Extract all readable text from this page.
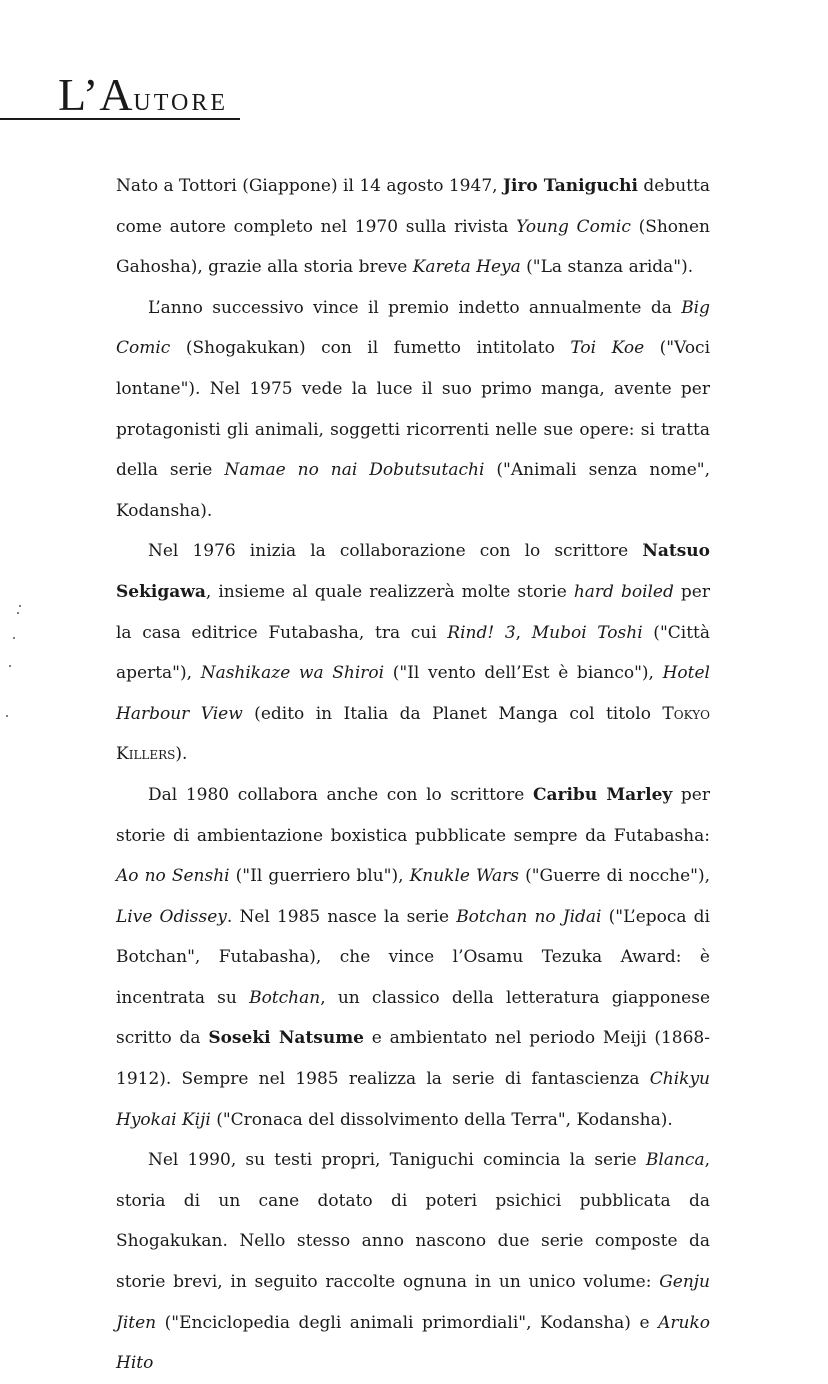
L’Autore

Nato a Tottori (Giappone) il 14 agosto 1947, Jiro Taniguchi debutta come autore completo nel 1970 sulla rivista Young Comic (Shonen Gahosha), grazie alla storia breve Kareta Heya ("La stanza arida").

L’anno successivo vince il premio indetto annualmente da Big Comic (Shogakukan) con il fumetto intitolato Toi Koe ("Voci lontane"). Nel 1975 vede la luce il suo primo manga, avente per protagonisti gli animali, soggetti ricorrenti nelle sue opere: si tratta della serie Namae no nai Dobutsutachi ("Animali senza nome", Kodansha).

Nel 1976 inizia la collaborazione con lo scrittore Natsuo Sekigawa, insieme al quale realizzerà molte storie hard boiled per la casa editrice Futabasha, tra cui Rind! 3, Muboi Toshi ("Città aperta"), Nashikaze wa Shiroi ("Il vento dell’Est è bianco"), Hotel Harbour View (edito in Italia da Planet Manga col titolo Tokyo Killers).

Dal 1980 collabora anche con lo scrittore Caribu Marley per storie di ambientazione boxistica pubblicate sempre da Futabasha: Ao no Senshi ("Il guerriero blu"), Knukle Wars ("Guerre di nocche"), Live Odissey. Nel 1985 nasce la serie Botchan no Jidai ("L’epoca di Botchan", Futabasha), che vince l’Osamu Tezuka Award: è incentrata su Botchan, un classico della letteratura giapponese scritto da Soseki Natsume e ambientato nel periodo Meiji (1868-1912). Sempre nel 1985 realizza la serie di fantascienza Chikyu Hyokai Kiji ("Cronaca del dissolvimento della Terra", Kodansha).

Nel 1990, su testi propri, Taniguchi comincia la serie Blanca, storia di un cane dotato di poteri psichici pubblicata da Shogakukan. Nello stesso anno nascono due serie composte da storie brevi, in seguito raccolte ognuna in un unico volume: Genju Jiten ("Enciclopedia degli animali primordiali", Kodansha) e Aruko Hito
